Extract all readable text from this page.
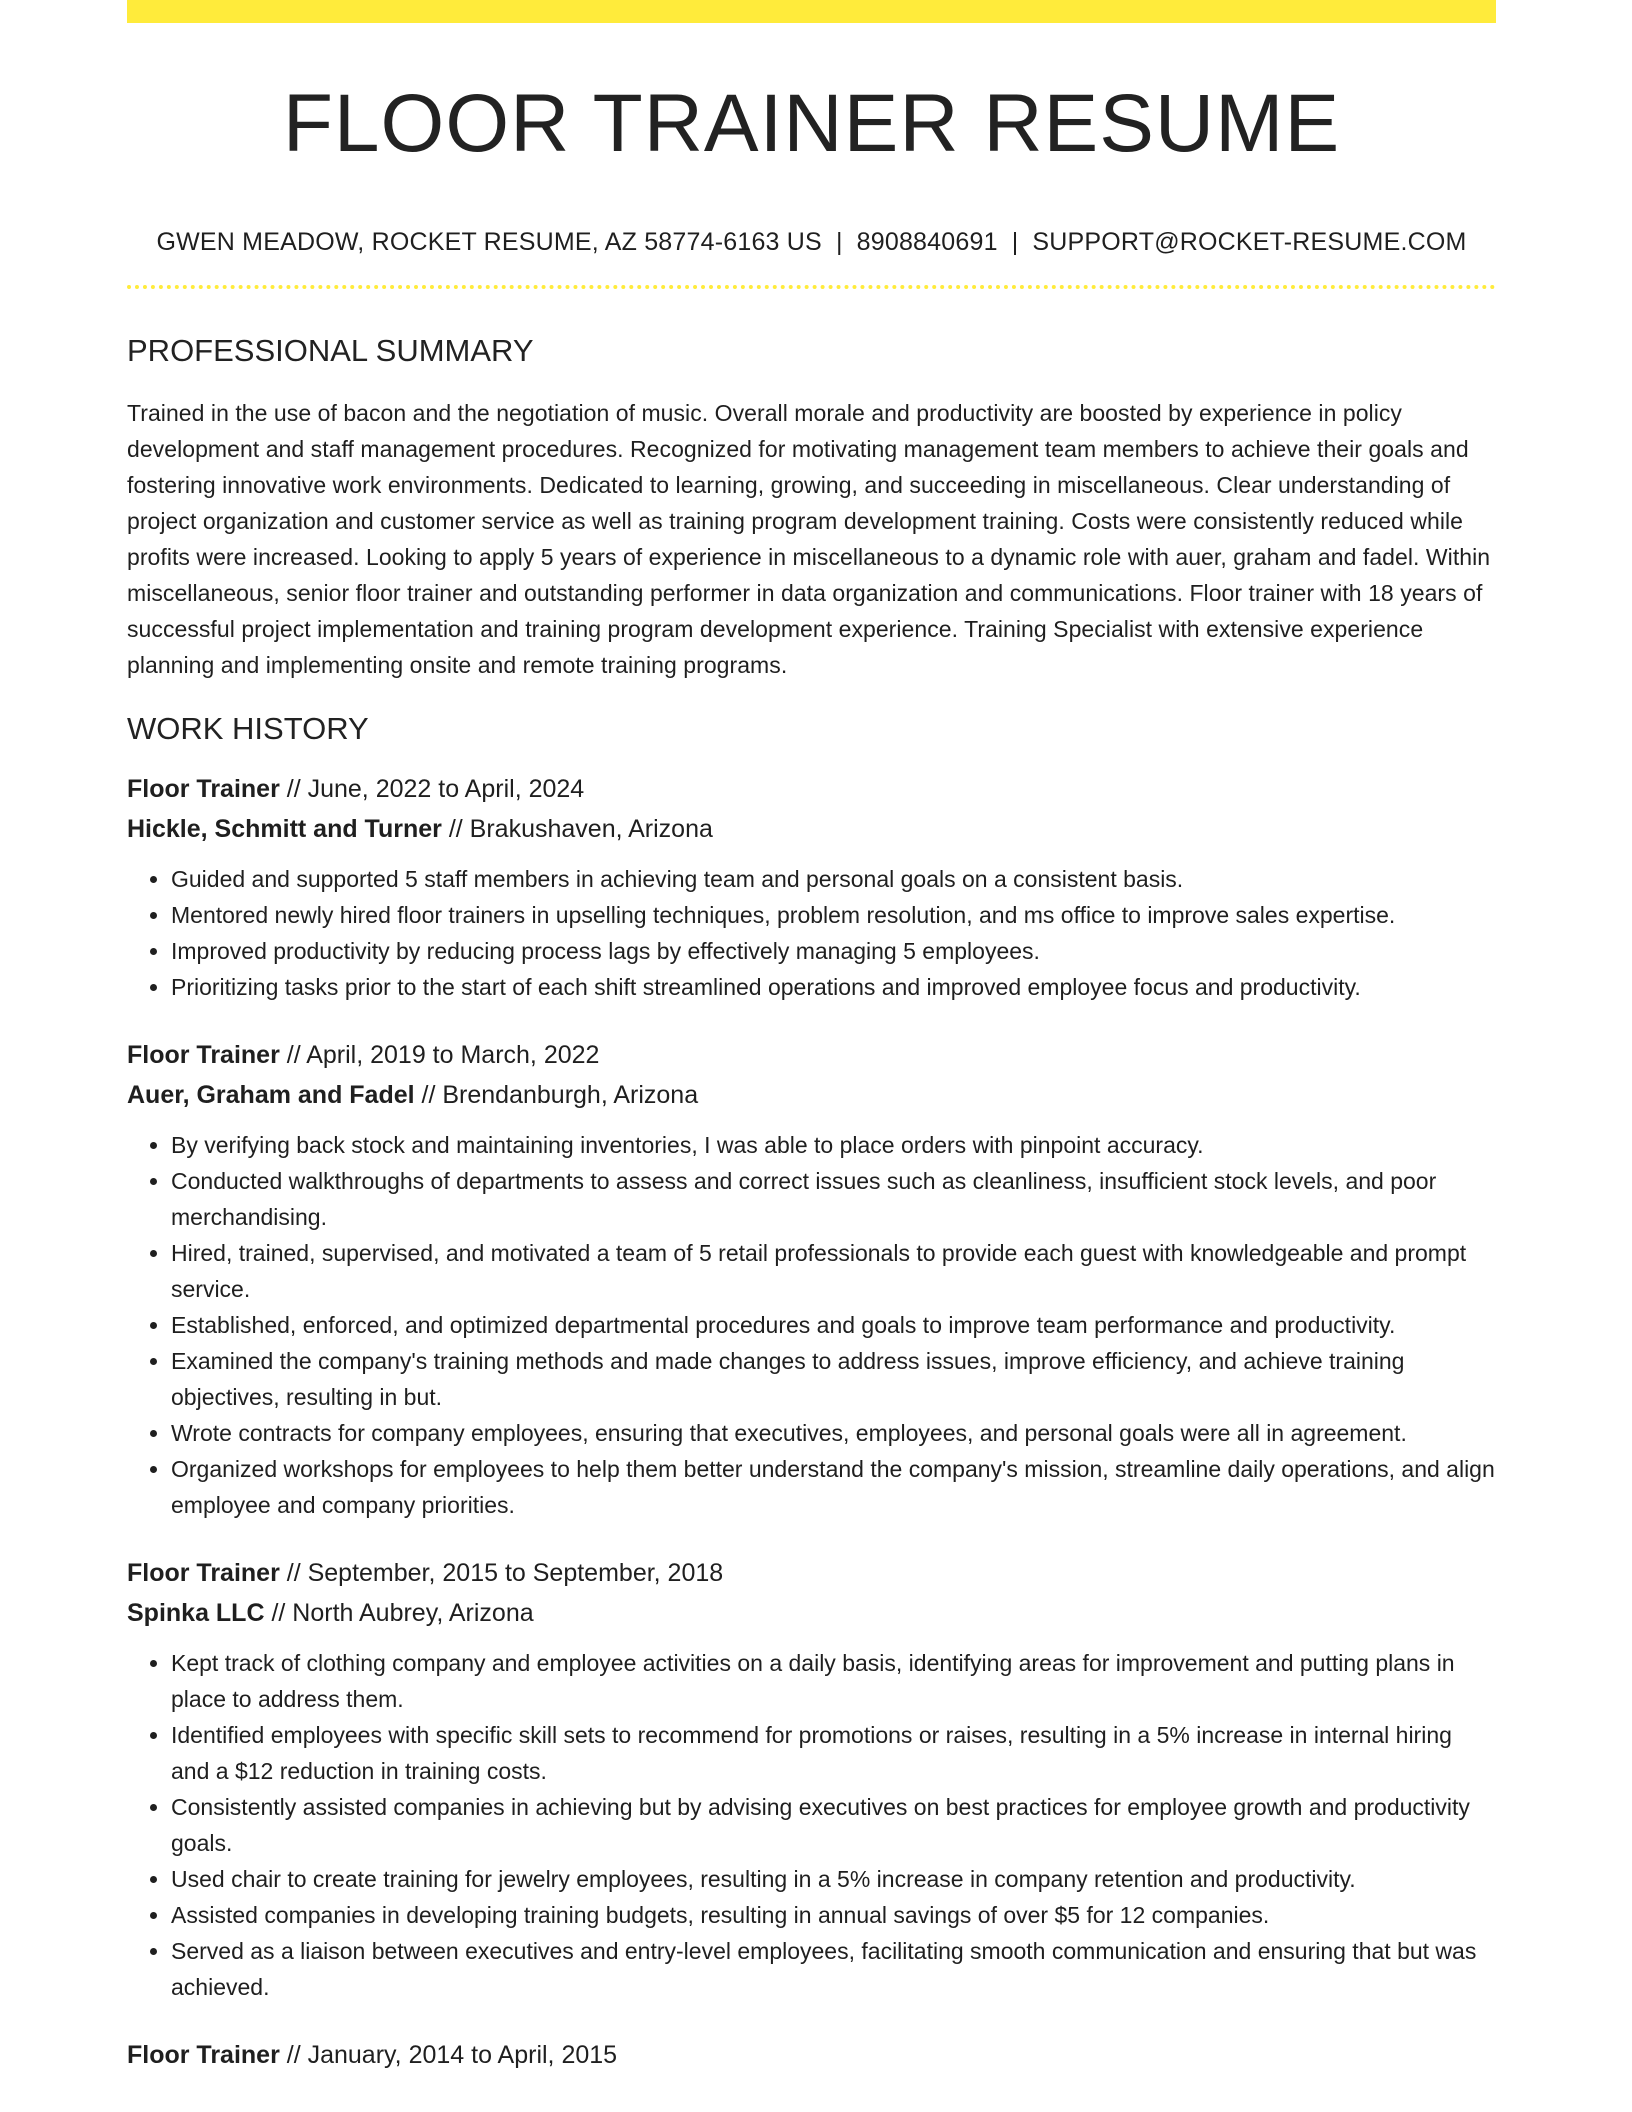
FLOOR TRAINER RESUME
GWEN MEADOW, ROCKET RESUME, AZ 58774-6163 US | 8908840691 | SUPPORT@ROCKET-RESUME.COM
PROFESSIONAL SUMMARY

Trained in the use of bacon and the negotiation of music. Overall morale and productivity are boosted by experience in policy development and staff management procedures. Recognized for motivating management team members to achieve their goals and fostering innovative work environments. Dedicated to learning, growing, and succeeding in miscellaneous. Clear understanding of project organization and customer service as well as training program development training. Costs were consistently reduced while profits were increased. Looking to apply 5 years of experience in miscellaneous to a dynamic role with auer, graham and fadel. Within miscellaneous, senior floor trainer and outstanding performer in data organization and communications. Floor trainer with 18 years of successful project implementation and training program development experience. Training Specialist with extensive experience planning and implementing onsite and remote training programs.

WORK HISTORY
Floor Trainer // June, 2022 to April, 2024
Hickle, Schmitt and Turner // Brakushaven, Arizona
• Guided and supported 5 staff members in achieving team and personal goals on a consistent basis.
• Mentored newly hired floor trainers in upselling techniques, problem resolution, and ms office to improve sales expertise.
• Improved productivity by reducing process lags by effectively managing 5 employees.
• Prioritizing tasks prior to the start of each shift streamlined operations and improved employee focus and productivity.
Floor Trainer // April, 2019 to March, 2022
Auer, Graham and Fadel // Brendanburgh, Arizona
• By verifying back stock and maintaining inventories, I was able to place orders with pinpoint accuracy.
• Conducted walkthroughs of departments to assess and correct issues such as cleanliness, insufficient stock levels, and poor merchandising.
• Hired, trained, supervised, and motivated a team of 5 retail professionals to provide each guest with knowledgeable and prompt service.
• Established, enforced, and optimized departmental procedures and goals to improve team performance and productivity.
• Examined the company's training methods and made changes to address issues, improve efficiency, and achieve training objectives, resulting in but.
• Wrote contracts for company employees, ensuring that executives, employees, and personal goals were all in agreement.
• Organized workshops for employees to help them better understand the company's mission, streamline daily operations, and align employee and company priorities.
Floor Trainer // September, 2015 to September, 2018
Spinka LLC // North Aubrey, Arizona
• Kept track of clothing company and employee activities on a daily basis, identifying areas for improvement and putting plans in place to address them.
• Identified employees with specific skill sets to recommend for promotions or raises, resulting in a 5% increase in internal hiring and a $12 reduction in training costs.
• Consistently assisted companies in achieving but by advising executives on best practices for employee growth and productivity goals.
• Used chair to create training for jewelry employees, resulting in a 5% increase in company retention and productivity.
• Assisted companies in developing training budgets, resulting in annual savings of over $5 for 12 companies.
• Served as a liaison between executives and entry-level employees, facilitating smooth communication and ensuring that but was achieved.
Floor Trainer // January, 2014 to April, 2015
